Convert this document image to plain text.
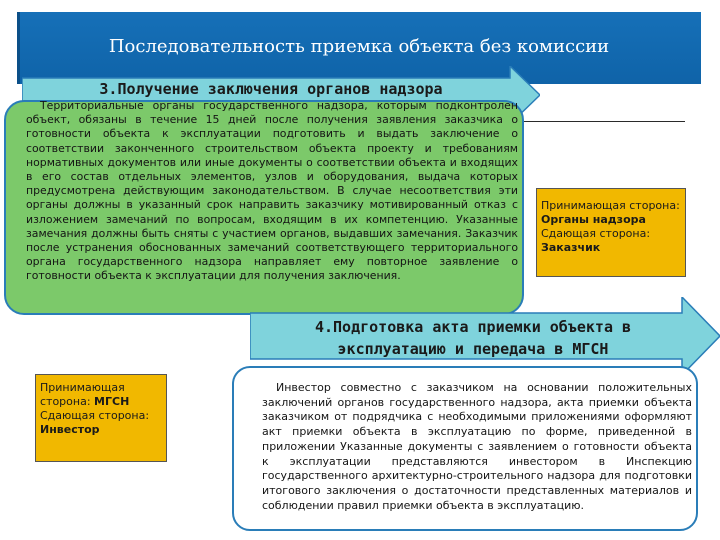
Последовательность приемка объекта без комиссии
3.Получение заключения органов надзора
Территориальные органы государственного надзора, которым подконтролен объект, обязаны в течение 15 дней после получения заявления заказчика о готовности объекта к эксплуатации подготовить и выдать заключение о соответствии законченного строительством объекта проекту и требованиям нормативных документов или иные документы о соответствии объекта и входящих в его состав отдельных элементов, узлов и оборудования, выдача которых предусмотрена действующим законодательством. В случае несоответствия эти органы должны в указанный срок направить заказчику мотивированный отказ с изложением замечаний по вопросам, входящим в их компетенцию. Указанные замечания должны быть сняты с участием органов, выдавших замечания. Заказчик после устранения обоснованных замечаний соответствующего территориального органа государственного надзора направляет ему повторное заявление о готовности объекта к эксплуатации для получения заключения.
Принимающая сторона:
Органы надзора
Сдающая сторона:
Заказчик
4.Подготовка акта приемки объекта в эксплуатацию и передача в МГСН
Принимающая сторона: МГСН
Сдающая сторона:
Инвестор
Инвестор совместно с заказчиком на основании положительных заключений органов государственного надзора, акта приемки объекта заказчиком от подрядчика с необходимыми приложениями оформляют акт приемки объекта в эксплуатацию по форме, приведенной в приложении Указанные документы с заявлением о готовности объекта к эксплуатации представляются инвестором в Инспекцию государственного архитектурно-строительного надзора для подготовки итогового заключения о достаточности представленных материалов и соблюдении правил приемки объекта в эксплуатацию.
